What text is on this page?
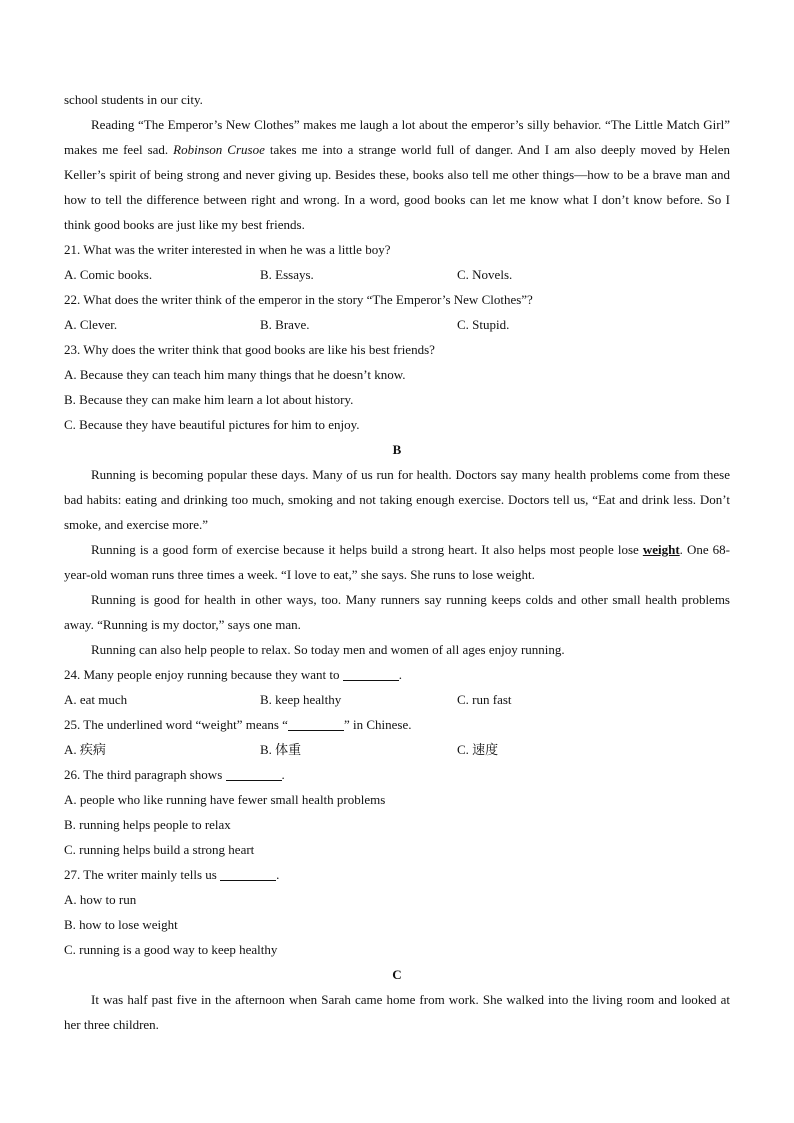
school students in our city.
Reading “The Emperor’s New Clothes” makes me laugh a lot about the emperor’s silly behavior. “The Little Match Girl” makes me feel sad. Robinson Crusoe takes me into a strange world full of danger. And I am also deeply moved by Helen Keller’s spirit of being strong and never giving up. Besides these, books also tell me other things—how to be a brave man and how to tell the difference between right and wrong. In a word, good books can let me know what I don’t know before. So I think good books are just like my best friends.
21. What was the writer interested in when he was a little boy?
A. Comic books.	B. Essays.	C. Novels.
22. What does the writer think of the emperor in the story “The Emperor’s New Clothes”?
A. Clever.	B. Brave.	C. Stupid.
23. Why does the writer think that good books are like his best friends?
A. Because they can teach him many things that he doesn’t know.
B. Because they can make him learn a lot about history.
C. Because they have beautiful pictures for him to enjoy.
B
Running is becoming popular these days. Many of us run for health. Doctors say many health problems come from these bad habits: eating and drinking too much, smoking and not taking enough exercise. Doctors tell us, “Eat and drink less. Don’t smoke, and exercise more.”
Running is a good form of exercise because it helps build a strong heart. It also helps most people lose weight. One 68-year-old woman runs three times a week. “I love to eat,” she says. She runs to lose weight.
Running is good for health in other ways, too. Many runners say running keeps colds and other small health problems away. “Running is my doctor,” says one man.
Running can also help people to relax. So today men and women of all ages enjoy running.
24. Many people enjoy running because they want to	.
A. eat much	B. keep healthy	C. run fast
25. The underlined word “weight” means “	” in Chinese.
A. 疾病	B. 体重	C. 速度
26. The third paragraph shows	.
A. people who like running have fewer small health problems
B. running helps people to relax
C. running helps build a strong heart
27. The writer mainly tells us	.
A. how to run
B. how to lose weight
C. running is a good way to keep healthy
C
It was half past five in the afternoon when Sarah came home from work. She walked into the living room and looked at her three children.
